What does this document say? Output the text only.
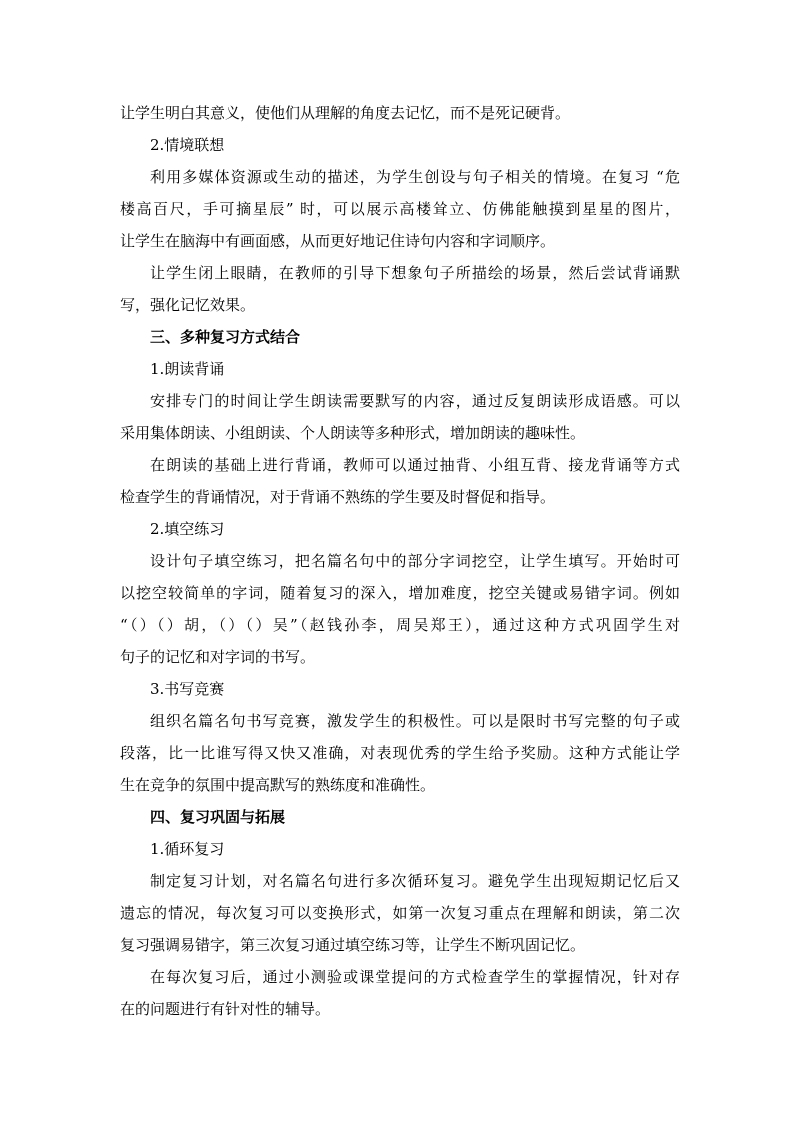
让学生明白其意义，使他们从理解的角度去记忆，而不是死记硬背。
2.情境联想
利用多媒体资源或生动的描述，为学生创设与句子相关的情境。在复习 “危
楼高百尺，手可摘星辰” 时，可以展示高楼耸立、仿佛能触摸到星星的图片，
让学生在脑海中有画面感，从而更好地记住诗句内容和字词顺序。
让学生闭上眼睛，在教师的引导下想象句子所描绘的场景，然后尝试背诵默
写，强化记忆效果。
三、多种复习方式结合
1.朗读背诵
安排专门的时间让学生朗读需要默写的内容，通过反复朗读形成语感。可以
采用集体朗读、小组朗读、个人朗读等多种形式，增加朗读的趣味性。
在朗读的基础上进行背诵，教师可以通过抽背、小组互背、接龙背诵等方式
检查学生的背诵情况，对于背诵不熟练的学生要及时督促和指导。
2.填空练习
设计句子填空练习，把名篇名句中的部分字词挖空，让学生填写。开始时可
以挖空较简单的字词，随着复习的深入，增加难度，挖空关键或易错字词。例如
“（）（）胡，（）（）吴”（赵钱孙李，周吴郑王），通过这种方式巩固学生对
句子的记忆和对字词的书写。
3.书写竞赛
组织名篇名句书写竞赛，激发学生的积极性。可以是限时书写完整的句子或
段落，比一比谁写得又快又准确，对表现优秀的学生给予奖励。这种方式能让学
生在竞争的氛围中提高默写的熟练度和准确性。
四、复习巩固与拓展
1.循环复习
制定复习计划，对名篇名句进行多次循环复习。避免学生出现短期记忆后又
遗忘的情况，每次复习可以变换形式，如第一次复习重点在理解和朗读，第二次
复习强调易错字，第三次复习通过填空练习等，让学生不断巩固记忆。
在每次复习后，通过小测验或课堂提问的方式检查学生的掌握情况，针对存
在的问题进行有针对性的辅导。
